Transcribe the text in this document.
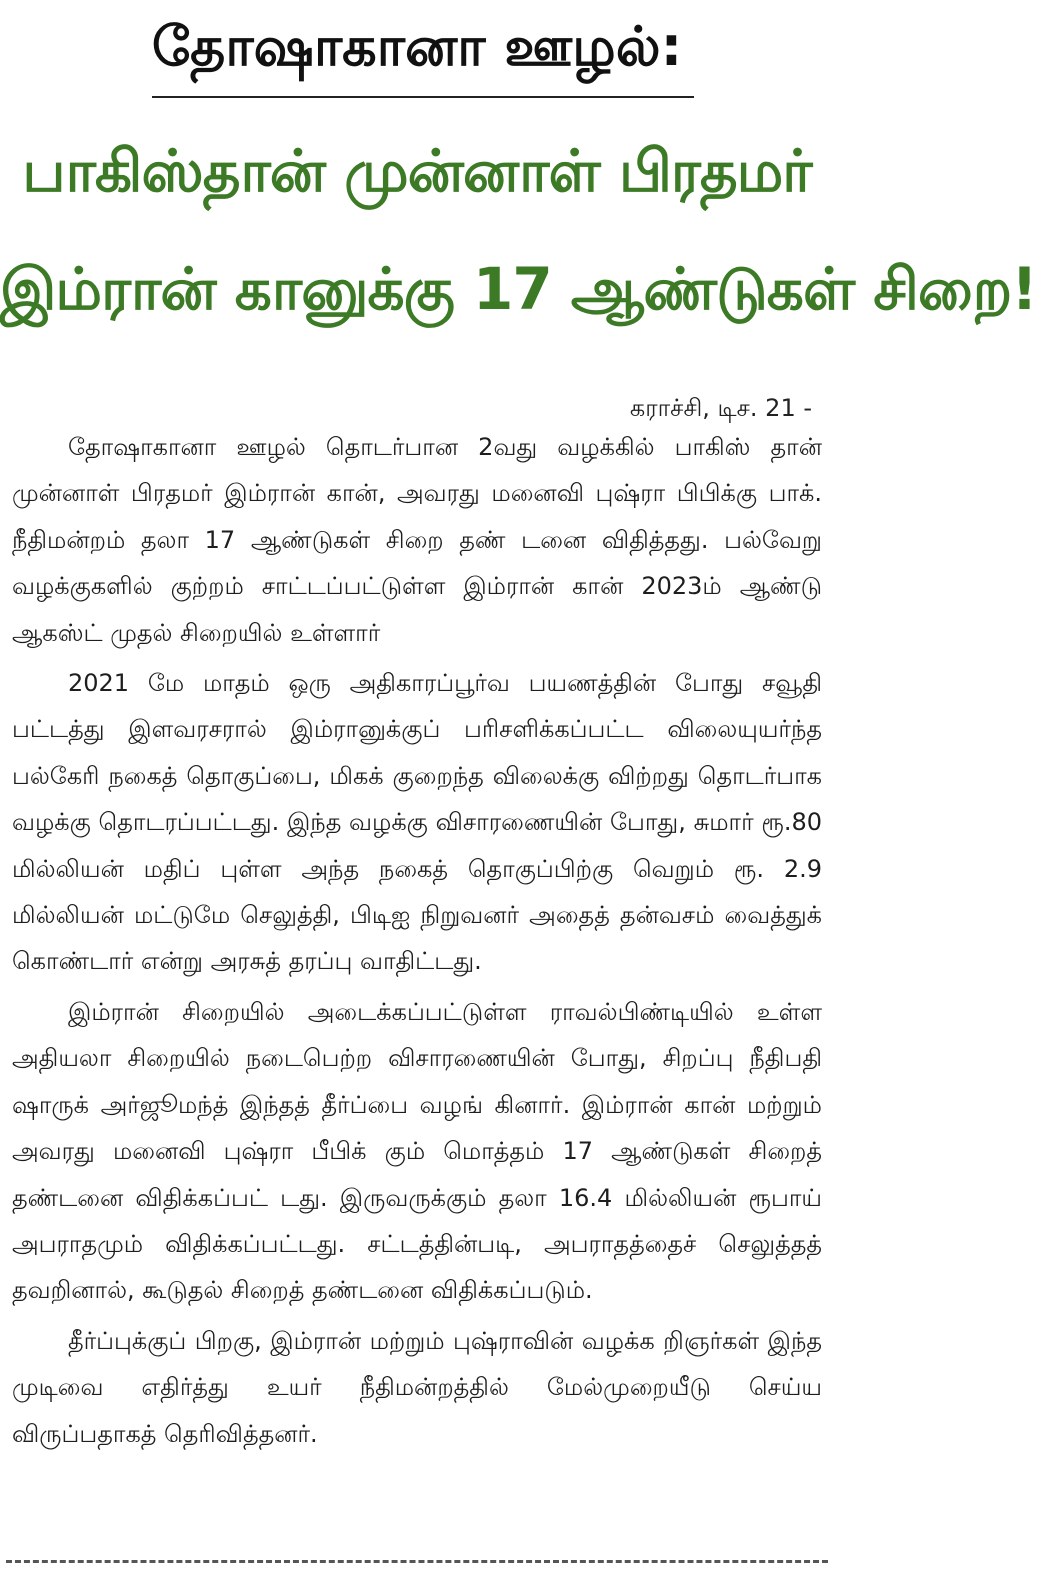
தோஷாகானா ஊழல்:
பாகிஸ்தான் முன்னாள் பிரதமர்
இம்ரான் கானுக்கு 17 ஆண்டுகள் சிறை!
கராச்சி, டிச. 21 -

தோஷாகானா ஊழல் தொடர்பான 2வது வழக்கில் பாகிஸ் தான் முன்னாள் பிரதமர் இம்ரான் கான், அவரது மனைவி புஷ்ரா பிபிக்கு பாக். நீதிமன்றம் தலா 17 ஆண்டுகள் சிறை தண் டனை விதித்தது. பல்வேறு வழக்குகளில் குற்றம் சாட்டப்பட்டுள்ள இம்ரான் கான் 2023ம் ஆண்டு ஆகஸ்ட் முதல் சிறையில் உள்ளார்

2021 மே மாதம் ஒரு அதிகாரப்பூர்வ பயணத்தின் போது சவூதி பட்டத்து இளவரசரால் இம்ரானுக்குப் பரிசளிக்கப்பட்ட விலையுயர்ந்த பல்கேரி நகைத் தொகுப்பை, மிகக் குறைந்த விலைக்கு விற்றது தொடர்பாக வழக்கு தொடரப்பட்டது. இந்த வழக்கு விசாரணையின் போது, சுமார் ரூ.80 மில்லியன் மதிப் புள்ள அந்த நகைத் தொகுப்பிற்கு வெறும் ரூ. 2.9 மில்லியன் மட்டுமே செலுத்தி, பிடிஐ நிறுவனர் அதைத் தன்வசம் வைத்துக் கொண்டார் என்று அரசுத் தரப்பு வாதிட்டது.

இம்ரான் சிறையில் அடைக்கப்பட்டுள்ள ராவல்பிண்டியில் உள்ள அதியலா சிறையில் நடைபெற்ற விசாரணையின் போது, சிறப்பு நீதிபதி ஷாருக் அர்ஜூமந்த் இந்தத் தீர்ப்பை வழங் கினார். இம்ரான் கான் மற்றும் அவரது மனைவி புஷ்ரா பீபிக் கும் மொத்தம் 17 ஆண்டுகள் சிறைத் தண்டனை விதிக்கப்பட் டது. இருவருக்கும் தலா 16.4 மில்லியன் ரூபாய் அபராதமும் விதிக்கப்பட்டது. சட்டத்தின்படி, அபராதத்தைச் செலுத்தத் தவறினால், கூடுதல் சிறைத் தண்டனை விதிக்கப்படும்.

தீர்ப்புக்குப் பிறகு, இம்ரான் மற்றும் புஷ்ராவின் வழக்க றிஞர்கள் இந்த முடிவை எதிர்த்து உயர் நீதிமன்றத்தில் மேல்முறையீடு செய்ய விருப்பதாகத் தெரிவித்தனர்.
